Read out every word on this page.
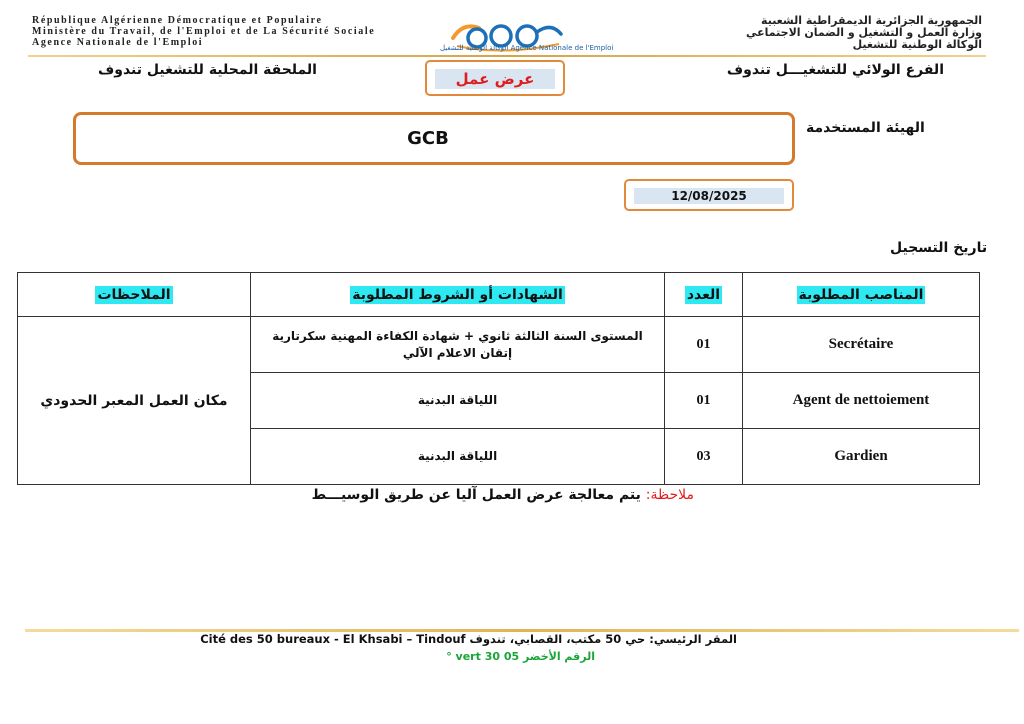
République Algérienne Démocratique et Populaire
Ministère du Travail, de l'Emploi et de La Sécurité Sociale
Agence Nationale de l'Emploi
الجمهورية الجزائرية الديمقراطية الشعبية
وزارة العمل و التشغيل و الضمان الاجتماعي
الوكالة الوطنية للتشغيل
الوكالة الوطنية للتشغيل Agence Nationale de l'Emploi
الملحقة المحلية للتشغيل تندوف	الفرع الولائي للتشغيـــل تندوف
عرض عمل
GCB	الهيئة المستخدمة
12/08/2025
تاريخ التسجيل
الملاحظات	الشهادات أو الشروط المطلوبة	العدد	المناصب المطلوبة
مكان العمل المعبر الحدودي	المستوى السنة الثالثة ثانوي + شهادة الكفاءة المهنية سكرتارية
إتقان الاعلام الآلي	01	Secrétaire
	اللياقة البدنية	01	Agent de nettoiement
	اللياقة البدنية	03	Gardien
ملاحظة: يتم معالجة عرض العمل آليا عن طريق الوسيـــط
المقر الرئيسي: حي 50 مكتب، القصابي، تندوف Cité des 50 bureaux - El Khsabi – Tindouf
الرقم الأخضر 05 30 vert °
